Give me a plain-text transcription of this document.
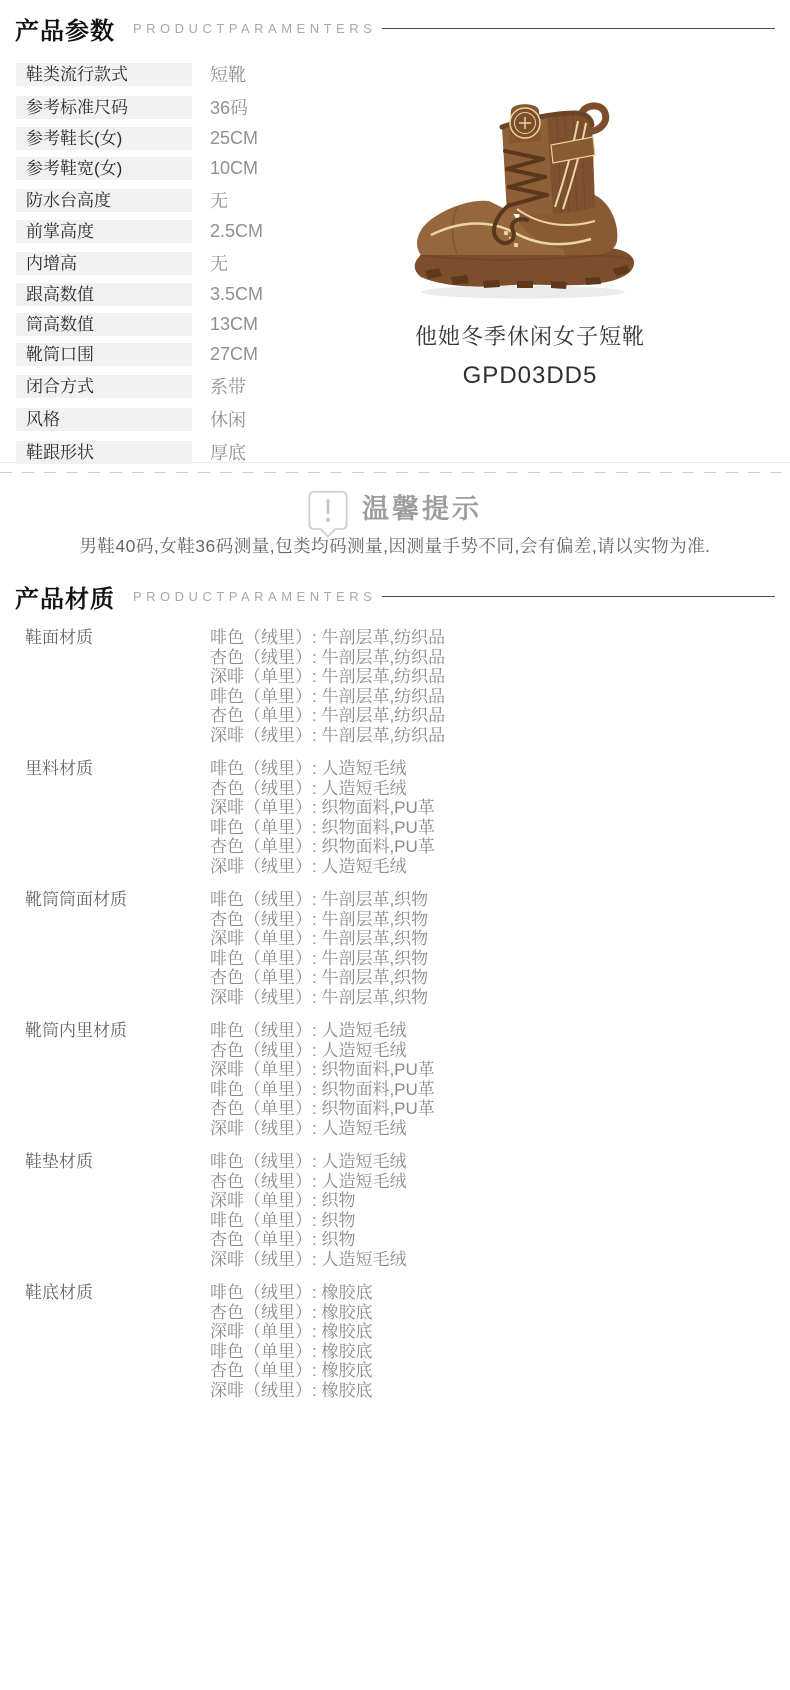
产品参数 PRODUCTPARAMENTERS
鞋类流行款式	短靴
参考标准尺码	36码
参考鞋长(女)	25CM
参考鞋宽(女)	10CM
防水台高度	无
前掌高度	2.5CM
内增高	无
跟高数值	3.5CM
筒高数值	13CM
靴筒口围	27CM
闭合方式	系带
风格	休闲
鞋跟形状	厚底
他她冬季休闲女子短靴
GPD03DD5
温馨提示

男鞋40码,女鞋36码测量,包类均码测量,因测量手势不同,会有偏差,请以实物为准.

产品材质 PRODUCTPARAMENTERS
鞋面材质	啡色（绒里）: 牛剖层革,纺织品
杏色（绒里）: 牛剖层革,纺织品
深啡（单里）: 牛剖层革,纺织品
啡色（单里）: 牛剖层革,纺织品
杏色（单里）: 牛剖层革,纺织品
深啡（绒里）: 牛剖层革,纺织品
里料材质	啡色（绒里）: 人造短毛绒
杏色（绒里）: 人造短毛绒
深啡（单里）: 织物面料,PU革
啡色（单里）: 织物面料,PU革
杏色（单里）: 织物面料,PU革
深啡（绒里）: 人造短毛绒
靴筒筒面材质	啡色（绒里）: 牛剖层革,织物
杏色（绒里）: 牛剖层革,织物
深啡（单里）: 牛剖层革,织物
啡色（单里）: 牛剖层革,织物
杏色（单里）: 牛剖层革,织物
深啡（绒里）: 牛剖层革,织物
靴筒内里材质	啡色（绒里）: 人造短毛绒
杏色（绒里）: 人造短毛绒
深啡（单里）: 织物面料,PU革
啡色（单里）: 织物面料,PU革
杏色（单里）: 织物面料,PU革
深啡（绒里）: 人造短毛绒
鞋垫材质	啡色（绒里）: 人造短毛绒
杏色（绒里）: 人造短毛绒
深啡（单里）: 织物
啡色（单里）: 织物
杏色（单里）: 织物
深啡（绒里）: 人造短毛绒
鞋底材质	啡色（绒里）: 橡胶底
杏色（绒里）: 橡胶底
深啡（单里）: 橡胶底
啡色（单里）: 橡胶底
杏色（单里）: 橡胶底
深啡（绒里）: 橡胶底
